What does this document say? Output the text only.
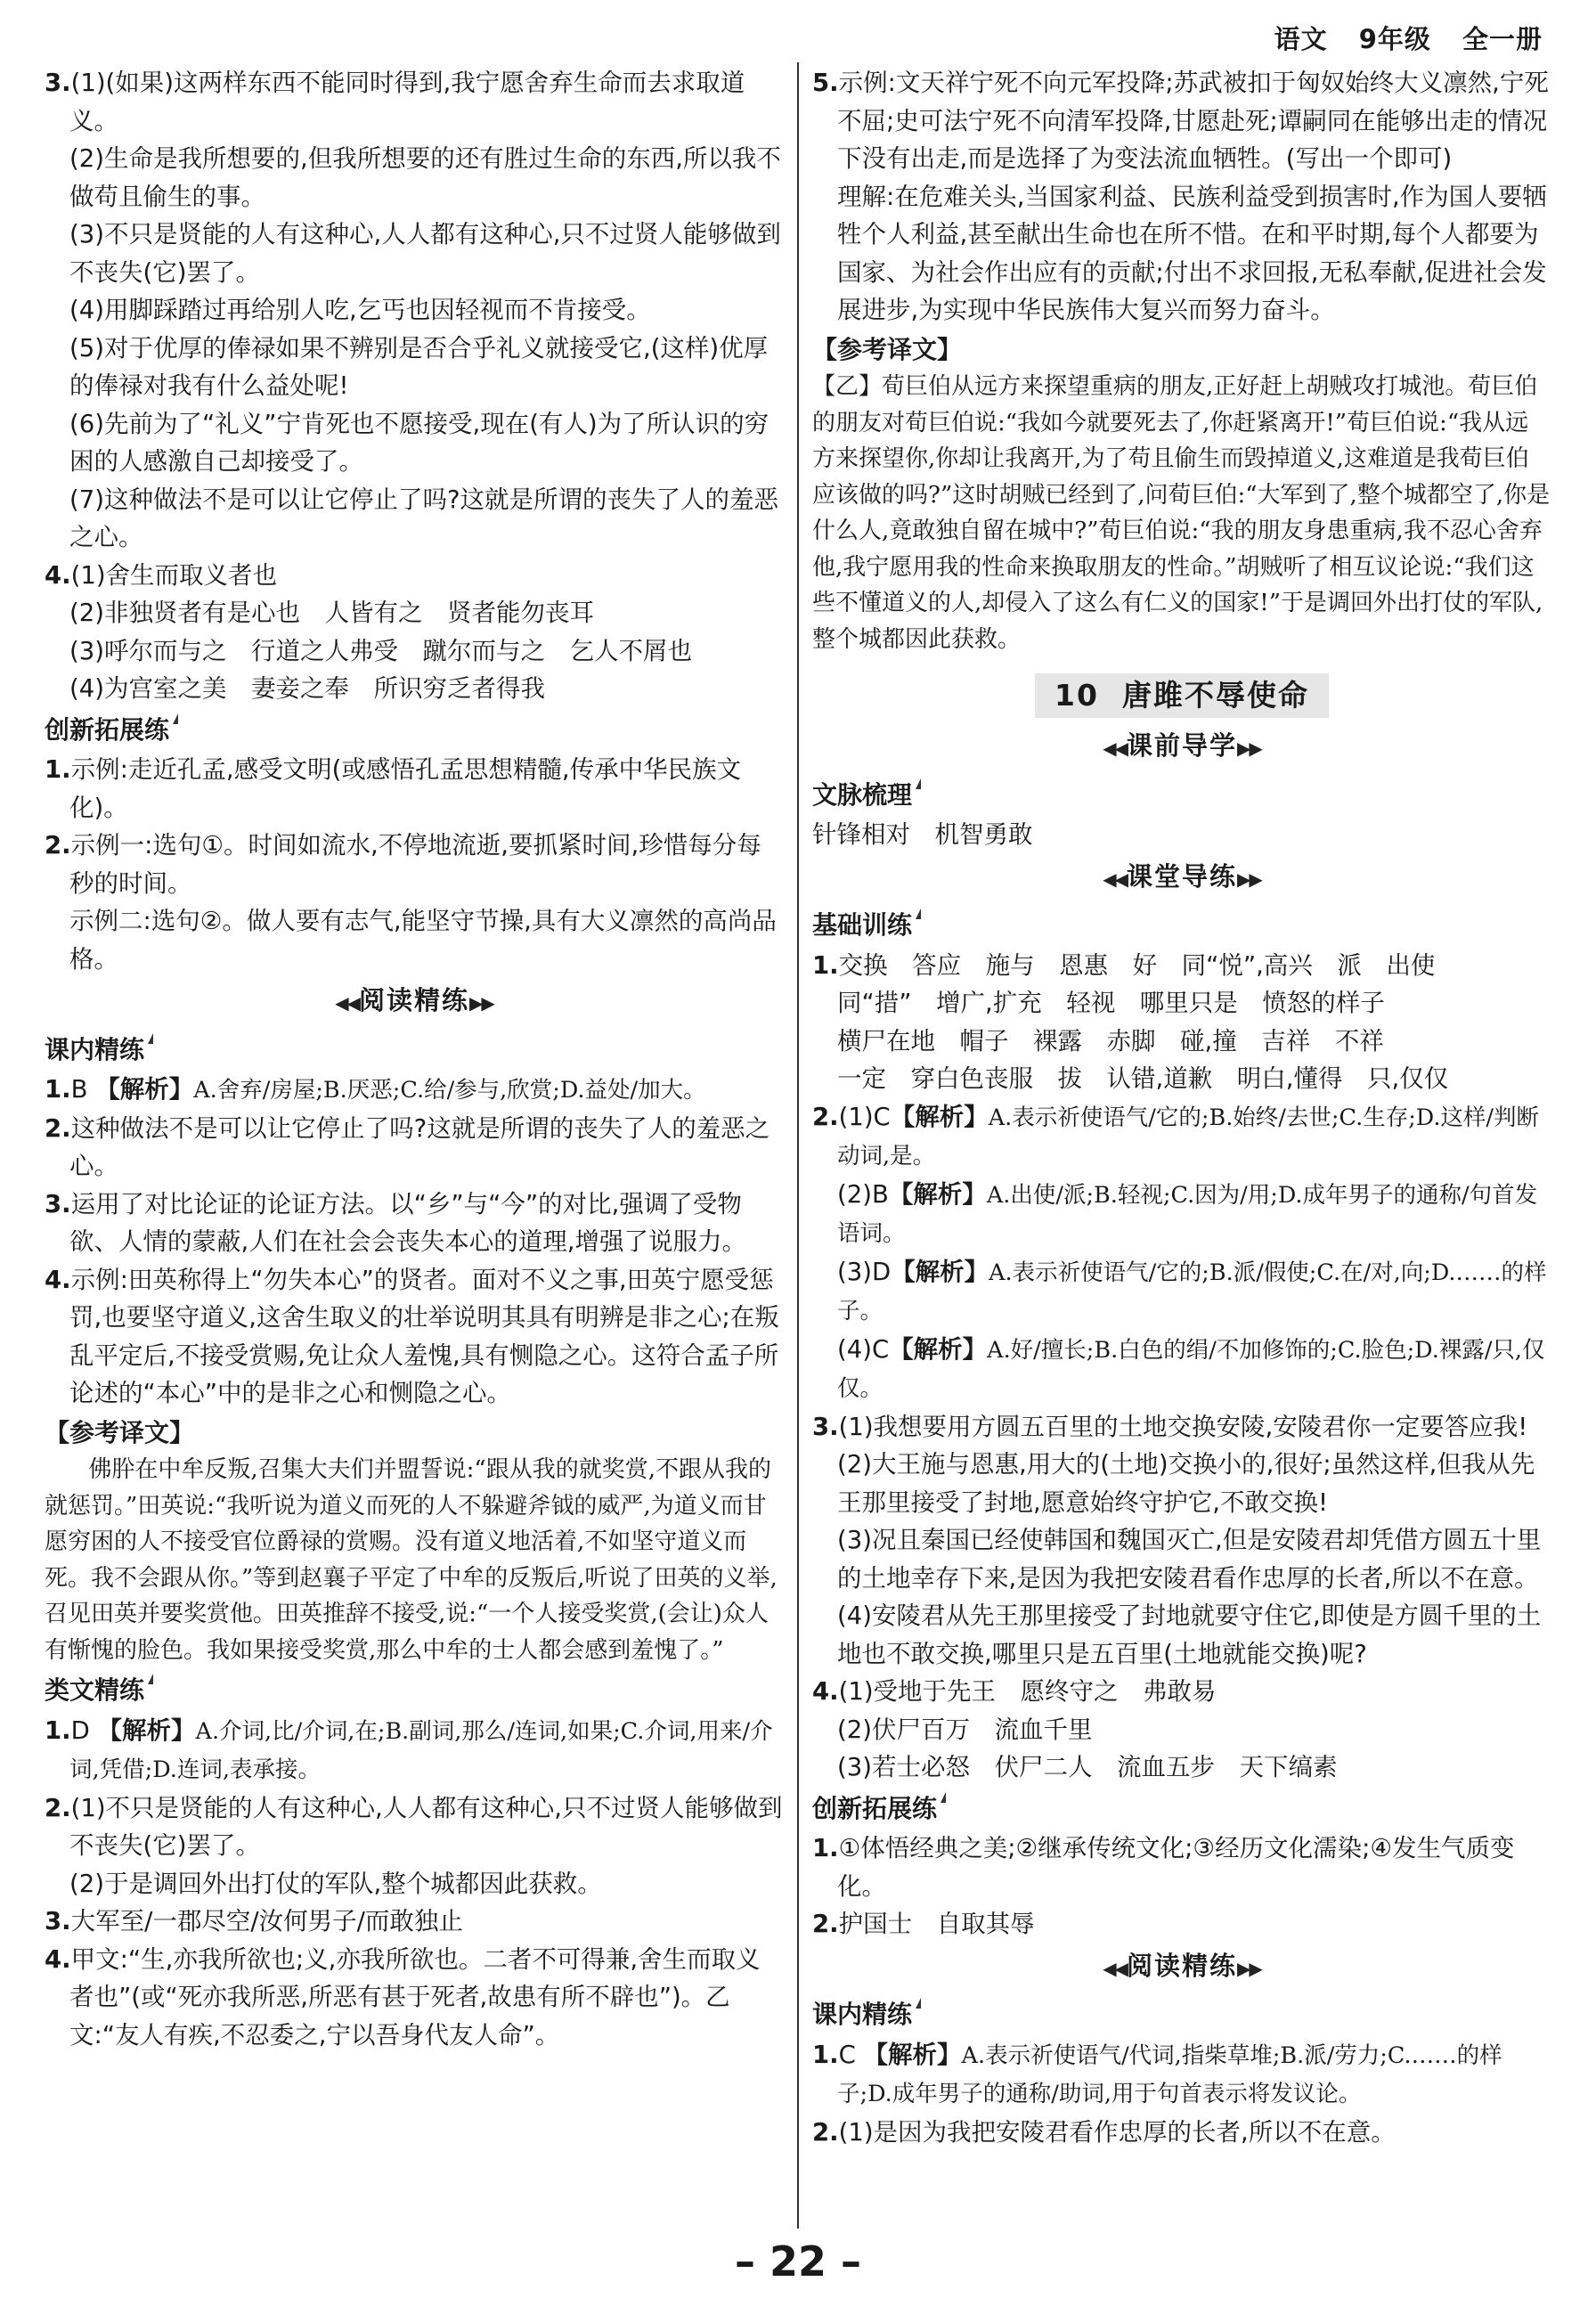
语文 9年级 全一册

3.(1)(如果)这两样东西不能同时得到,我宁愿舍弃生命而去求取道义。

(2)生命是我所想要的,但我所想要的还有胜过生命的东西,所以我不做苟且偷生的事。

(3)不只是贤能的人有这种心,人人都有这种心,只不过贤人能够做到不丧失(它)罢了。

(4)用脚踩踏过再给别人吃,乞丐也因轻视而不肯接受。

(5)对于优厚的俸禄如果不辨别是否合乎礼义就接受它,(这样)优厚的俸禄对我有什么益处呢!

(6)先前为了“礼义”宁肯死也不愿接受,现在(有人)为了所认识的穷困的人感激自己却接受了。

(7)这种做法不是可以让它停止了吗?这就是所谓的丧失了人的羞恶之心。

4.(1)舍生而取义者也

(2)非独贤者有是心也　人皆有之　贤者能勿丧耳

(3)呼尔而与之　行道之人弗受　蹴尔而与之　乞人不屑也

(4)为宫室之美　妻妾之奉　所识穷乏者得我

创新拓展练

1.示例:走近孔孟,感受文明(或感悟孔孟思想精髓,传承中华民族文化)。

2.示例一:选句①。时间如流水,不停地流逝,要抓紧时间,珍惜每分每秒的时间。

示例二:选句②。做人要有志气,能坚守节操,具有大义凛然的高尚品格。

◀◀阅读精练▶▶
课内精练

1.B 【解析】A.舍弃/房屋;B.厌恶;C.给/参与,欣赏;D.益处/加大。

2.这种做法不是可以让它停止了吗?这就是所谓的丧失了人的羞恶之心。

3.运用了对比论证的论证方法。以“乡”与“今”的对比,强调了受物欲、人情的蒙蔽,人们在社会会丧失本心的道理,增强了说服力。

4.示例:田英称得上“勿失本心”的贤者。面对不义之事,田英宁愿受惩罚,也要坚守道义,这舍生取义的壮举说明其具有明辨是非之心;在叛乱平定后,不接受赏赐,免让众人羞愧,具有恻隐之心。这符合孟子所论述的“本心”中的是非之心和恻隐之心。

【参考译文】

佛肸在中牟反叛,召集大夫们并盟誓说:“跟从我的就奖赏,不跟从我的就惩罚。”田英说:“我听说为道义而死的人不躲避斧钺的威严,为道义而甘愿穷困的人不接受官位爵禄的赏赐。没有道义地活着,不如坚守道义而死。我不会跟从你。”等到赵襄子平定了中牟的反叛后,听说了田英的义举,召见田英并要奖赏他。田英推辞不接受,说:“一个人接受奖赏,(会让)众人有惭愧的脸色。我如果接受奖赏,那么中牟的士人都会感到羞愧了。”

类文精练

1.D 【解析】A.介词,比/介词,在;B.副词,那么/连词,如果;C.介词,用来/介词,凭借;D.连词,表承接。

2.(1)不只是贤能的人有这种心,人人都有这种心,只不过贤人能够做到不丧失(它)罢了。

(2)于是调回外出打仗的军队,整个城都因此获救。

3.大军至/一郡尽空/汝何男子/而敢独止

4.甲文:“生,亦我所欲也;义,亦我所欲也。二者不可得兼,舍生而取义者也”(或“死亦我所恶,所恶有甚于死者,故患有所不辟也”)。乙文:“友人有疾,不忍委之,宁以吾身代友人命”。

5.示例:文天祥宁死不向元军投降;苏武被扣于匈奴始终大义凛然,宁死不屈;史可法宁死不向清军投降,甘愿赴死;谭嗣同在能够出走的情况下没有出走,而是选择了为变法流血牺牲。(写出一个即可)

理解:在危难关头,当国家利益、民族利益受到损害时,作为国人要牺牲个人利益,甚至献出生命也在所不惜。在和平时期,每个人都要为国家、为社会作出应有的贡献;付出不求回报,无私奉献,促进社会发展进步,为实现中华民族伟大复兴而努力奋斗。

【参考译文】

【乙】荀巨伯从远方来探望重病的朋友,正好赶上胡贼攻打城池。荀巨伯的朋友对荀巨伯说:“我如今就要死去了,你赶紧离开!”荀巨伯说:“我从远方来探望你,你却让我离开,为了苟且偷生而毁掉道义,这难道是我荀巨伯应该做的吗?”这时胡贼已经到了,问荀巨伯:“大军到了,整个城都空了,你是什么人,竟敢独自留在城中?”荀巨伯说:“我的朋友身患重病,我不忍心舍弃他,我宁愿用我的性命来换取朋友的性命。”胡贼听了相互议论说:“我们这些不懂道义的人,却侵入了这么有仁义的国家!”于是调回外出打仗的军队,整个城都因此获救。

10 唐雎不辱使命
◀◀课前导学▶▶
文脉梳理

针锋相对　机智勇敢

◀◀课堂导练▶▶
基础训练

1.交换　答应　施与　恩惠　好　同“悦”,高兴　派　出使

同“措”　增广,扩充　轻视　哪里只是　愤怒的样子

横尸在地　帽子　裸露　赤脚　碰,撞　吉祥　不祥

一定　穿白色丧服　拔　认错,道歉　明白,懂得　只,仅仅

2.(1)C【解析】A.表示祈使语气/它的;B.始终/去世;C.生存;D.这样/判断动词,是。

(2)B【解析】A.出使/派;B.轻视;C.因为/用;D.成年男子的通称/句首发语词。

(3)D【解析】A.表示祈使语气/它的;B.派/假使;C.在/对,向;D.……的样子。

(4)C【解析】A.好/擅长;B.白色的绢/不加修饰的;C.脸色;D.裸露/只,仅仅。

3.(1)我想要用方圆五百里的土地交换安陵,安陵君你一定要答应我!

(2)大王施与恩惠,用大的(土地)交换小的,很好;虽然这样,但我从先王那里接受了封地,愿意始终守护它,不敢交换!

(3)况且秦国已经使韩国和魏国灭亡,但是安陵君却凭借方圆五十里的土地幸存下来,是因为我把安陵君看作忠厚的长者,所以不在意。

(4)安陵君从先王那里接受了封地就要守住它,即使是方圆千里的土地也不敢交换,哪里只是五百里(土地就能交换)呢?

4.(1)受地于先王　愿终守之　弗敢易

(2)伏尸百万　流血千里

(3)若士必怒　伏尸二人　流血五步　天下缟素

创新拓展练

1.①体悟经典之美;②继承传统文化;③经历文化濡染;④发生气质变化。

2.护国士　自取其辱

◀◀阅读精练▶▶
课内精练

1.C 【解析】A.表示祈使语气/代词,指柴草堆;B.派/劳力;C.……的样子;D.成年男子的通称/助词,用于句首表示将发议论。

2.(1)是因为我把安陵君看作忠厚的长者,所以不在意。

– 22 –
